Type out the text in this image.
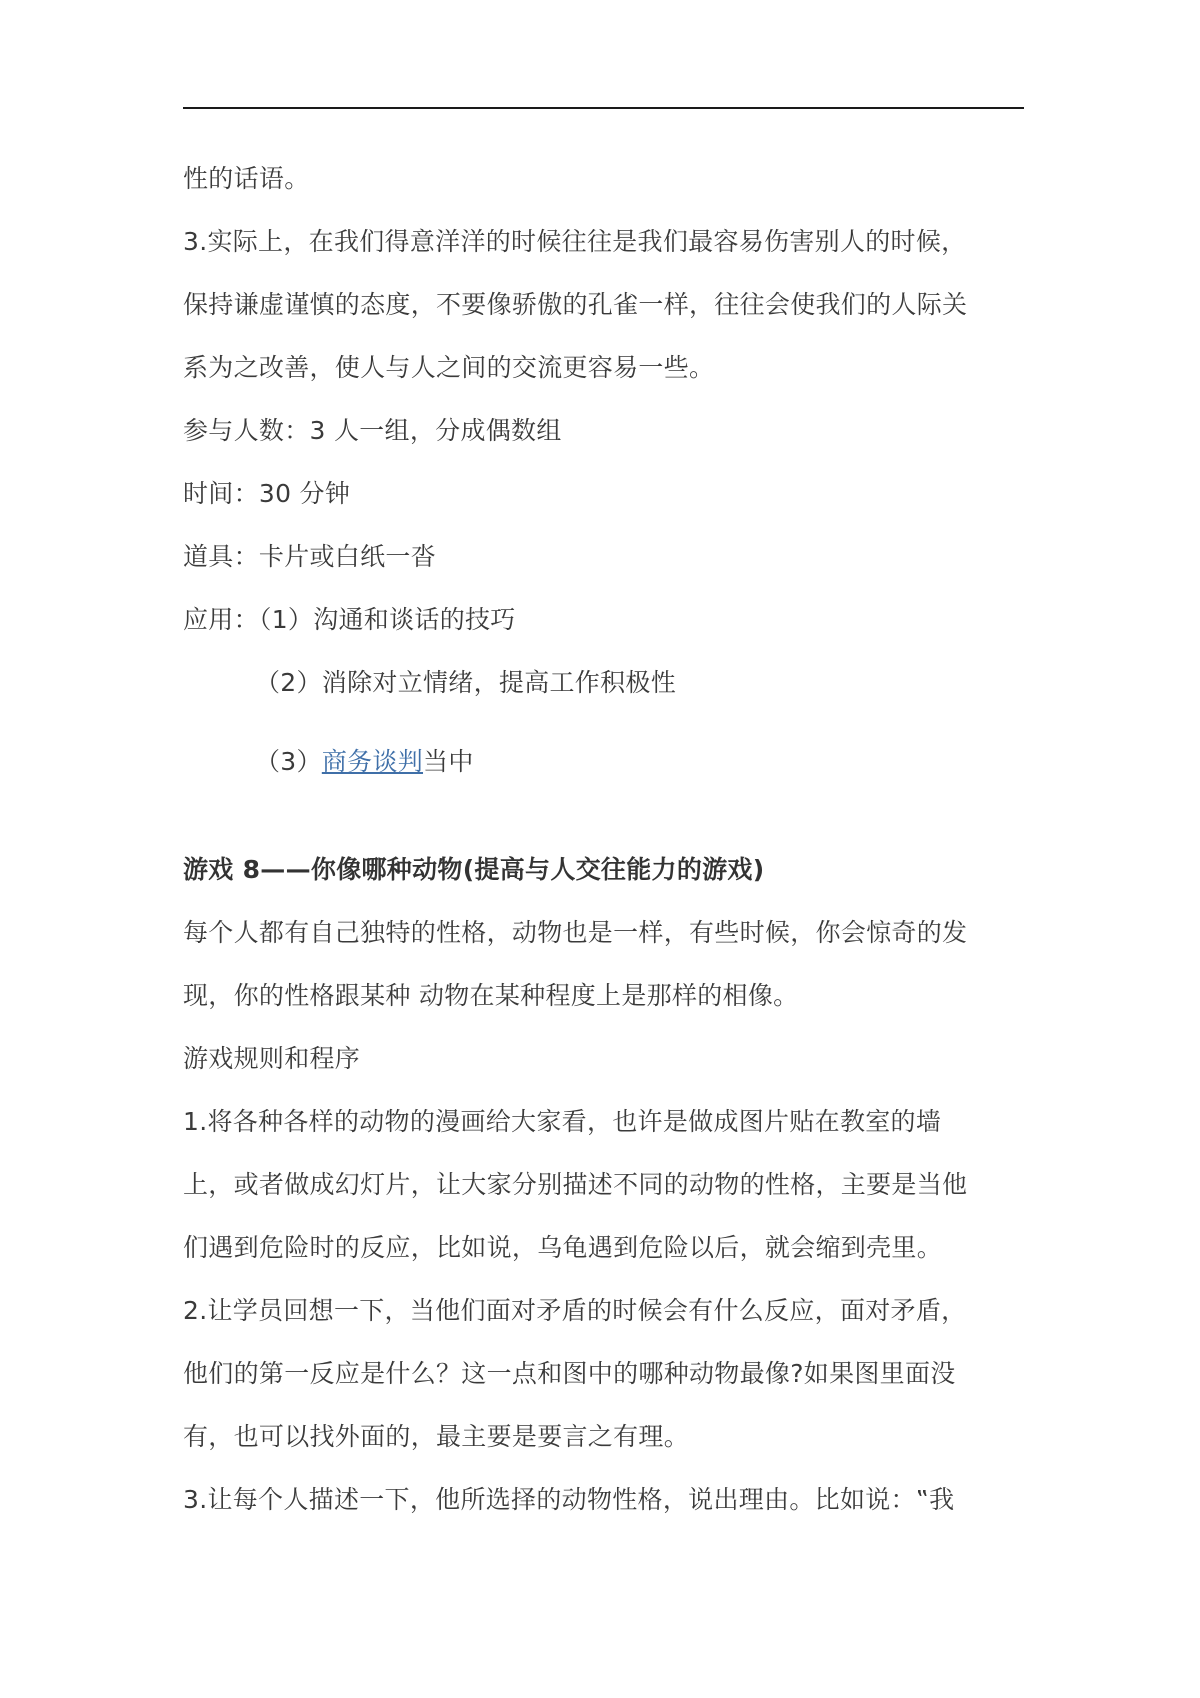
性的话语。
3.实际上，在我们得意洋洋的时候往往是我们最容易伤害别人的时候，
保持谦虚谨慎的态度，不要像骄傲的孔雀一样，往往会使我们的人际关
系为之改善，使人与人之间的交流更容易一些。
参与人数：3 人一组，分成偶数组
时间：30 分钟
道具：卡片或白纸一沓
应用：（1）沟通和谈话的技巧
（2）消除对立情绪，提高工作积极性
（3）商务谈判当中
游戏 8——你像哪种动物(提高与人交往能力的游戏)
每个人都有自己独特的性格，动物也是一样，有些时候，你会惊奇的发
现，你的性格跟某种 动物在某种程度上是那样的相像。
游戏规则和程序
1.将各种各样的动物的漫画给大家看，也许是做成图片贴在教室的墙
上，或者做成幻灯片，让大家分别描述不同的动物的性格，主要是当他
们遇到危险时的反应，比如说，乌龟遇到危险以后，就会缩到壳里。
2.让学员回想一下，当他们面对矛盾的时候会有什么反应，面对矛盾，
他们的第一反应是什么？这一点和图中的哪种动物最像?如果图里面没
有，也可以找外面的，最主要是要言之有理。
3.让每个人描述一下，他所选择的动物性格，说出理由。比如说：‟我
